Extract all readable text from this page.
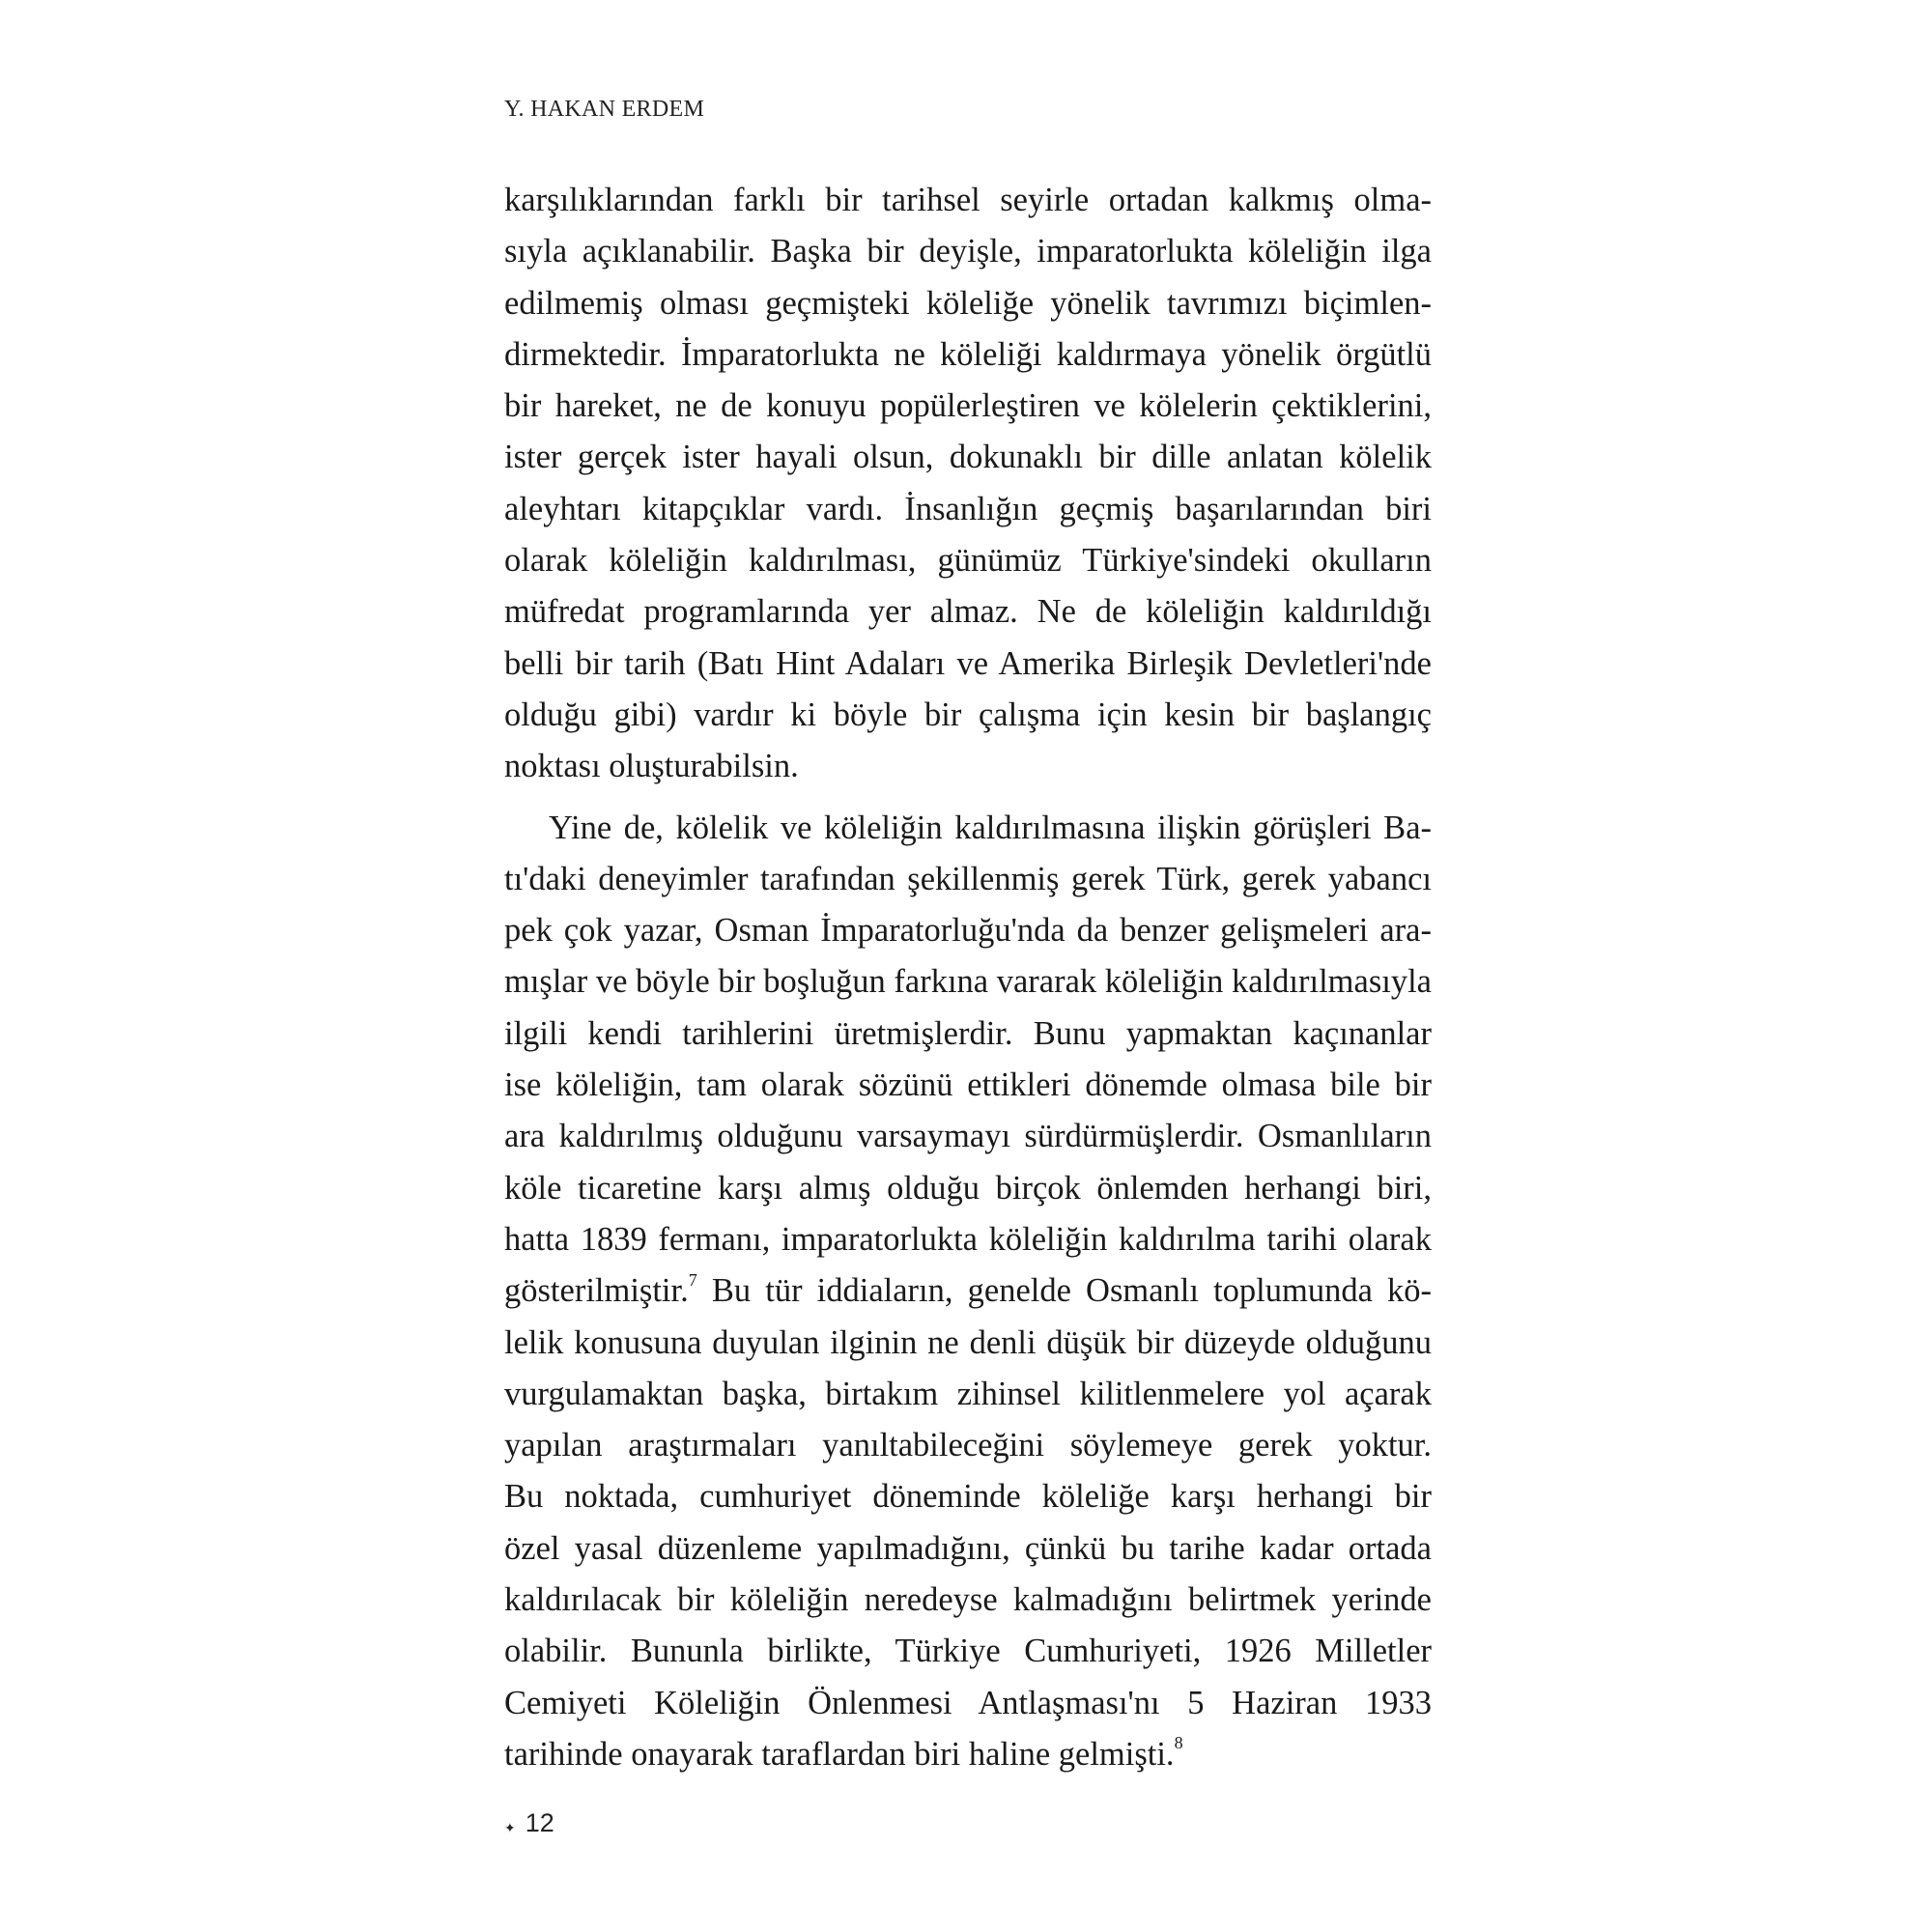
Y. HAKAN ERDEM
karşılıklarından farklı bir tarihsel seyirle ortadan kalkmış olma-
sıyla açıklanabilir. Başka bir deyişle, imparatorlukta köleliğin ilga
edilmemiş olması geçmişteki köleliğe yönelik tavrımızı biçimlen-
dirmektedir. İmparatorlukta ne köleliği kaldırmaya yönelik örgütlü
bir hareket, ne de konuyu popülerleştiren ve kölelerin çektiklerini,
ister gerçek ister hayali olsun, dokunaklı bir dille anlatan kölelik
aleyhtarı kitapçıklar vardı. İnsanlığın geçmiş başarılarından biri
olarak köleliğin kaldırılması, günümüz Türkiye'sindeki okulların
müfredat programlarında yer almaz. Ne de köleliğin kaldırıldığı
belli bir tarih (Batı Hint Adaları ve Amerika Birleşik Devletleri'nde
olduğu gibi) vardır ki böyle bir çalışma için kesin bir başlangıç
noktası oluşturabilsin.
Yine de, kölelik ve köleliğin kaldırılmasına ilişkin görüşleri Ba-
tı'daki deneyimler tarafından şekillenmiş gerek Türk, gerek yabancı
pek çok yazar, Osman İmparatorluğu'nda da benzer gelişmeleri ara-
mışlar ve böyle bir boşluğun farkına vararak köleliğin kaldırılmasıyla
ilgili kendi tarihlerini üretmişlerdir. Bunu yapmaktan kaçınanlar
ise köleliğin, tam olarak sözünü ettikleri dönemde olmasa bile bir
ara kaldırılmış olduğunu varsaymayı sürdürmüşlerdir. Osmanlıların
köle ticaretine karşı almış olduğu birçok önlemden herhangi biri,
hatta 1839 fermanı, imparatorlukta köleliğin kaldırılma tarihi olarak
gösterilmiştir.$^7$ Bu tür iddiaların, genelde Osmanlı toplumunda kö-
lelik konusuna duyulan ilginin ne denli düşük bir düzeyde olduğunu
vurgulamaktan başka, birtakım zihinsel kilitlenmelere yol açarak
yapılan araştırmaları yanıltabileceğini söylemeye gerek yoktur.
Bu noktada, cumhuriyet döneminde köleliğe karşı herhangi bir
özel yasal düzenleme yapılmadığını, çünkü bu tarihe kadar ortada
kaldırılacak bir köleliğin neredeyse kalmadığını belirtmek yerinde
olabilir. Bununla birlikte, Türkiye Cumhuriyeti, 1926 Milletler
Cemiyeti Köleliğin Önlenmesi Antlaşması'nı 5 Haziran 1933
tarihinde onayarak taraflardan biri haline gelmişti.$^8$
✦ 12
